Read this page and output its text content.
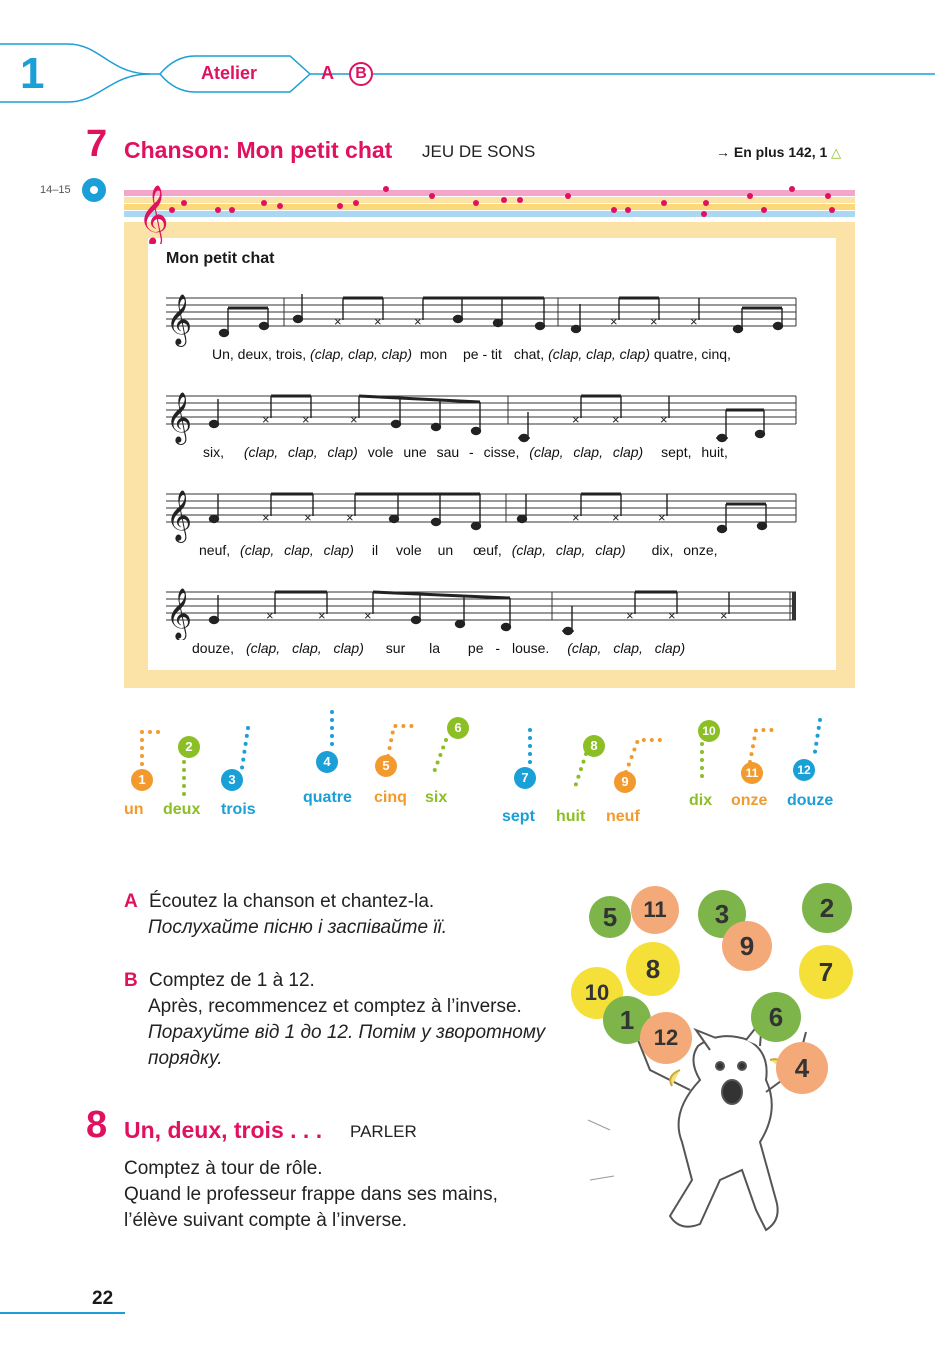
1	Atelier	A	B
7 Chanson: Mon petit chat JEU DE SONS	→ En plus 142, 1 △
14–15 𝄞
Mon petit chat
𝄞
𝄞
𝄞
𝄞
× × ×	× × ×
× ×	×	× ×	×
×	×	×	× ×	×
×	×	×	×	×	×
Un, deux, trois, (clap, clap, clap) mon pe - tit chat, (clap, clap, clap) quatre, cinq,
six, (clap, clap, clap) vole une sau - cisse, (clap, clap, clap) sept, huit,
neuf, (clap, clap, clap) il vole un œuf, (clap, clap, clap) dix, onze,
douze, (clap, clap, clap) sur la pe - louse. (clap, clap, clap)
1
2
3
4	5
6
7
8
9
10
11	12
un deux trois
quatre cinq six
sept huit neuf
dix onze douze
A Écoutez la chanson et chantez-la.
Послухайте пісню і заспівайте її.
B Comptez de 1 à 12.
Après, recommencez et comptez à l’inverse.
Порахуйте від 1 до 12. Потім у зворотному
порядку.
8 Un, deux, trois . . . PARLER
Comptez à tour de rôle.
Quand le professeur frappe dans ses mains,
l’élève suivant compte à l’inverse.
5	11	3	2
9
8	7
10
1	6
12
4
22
